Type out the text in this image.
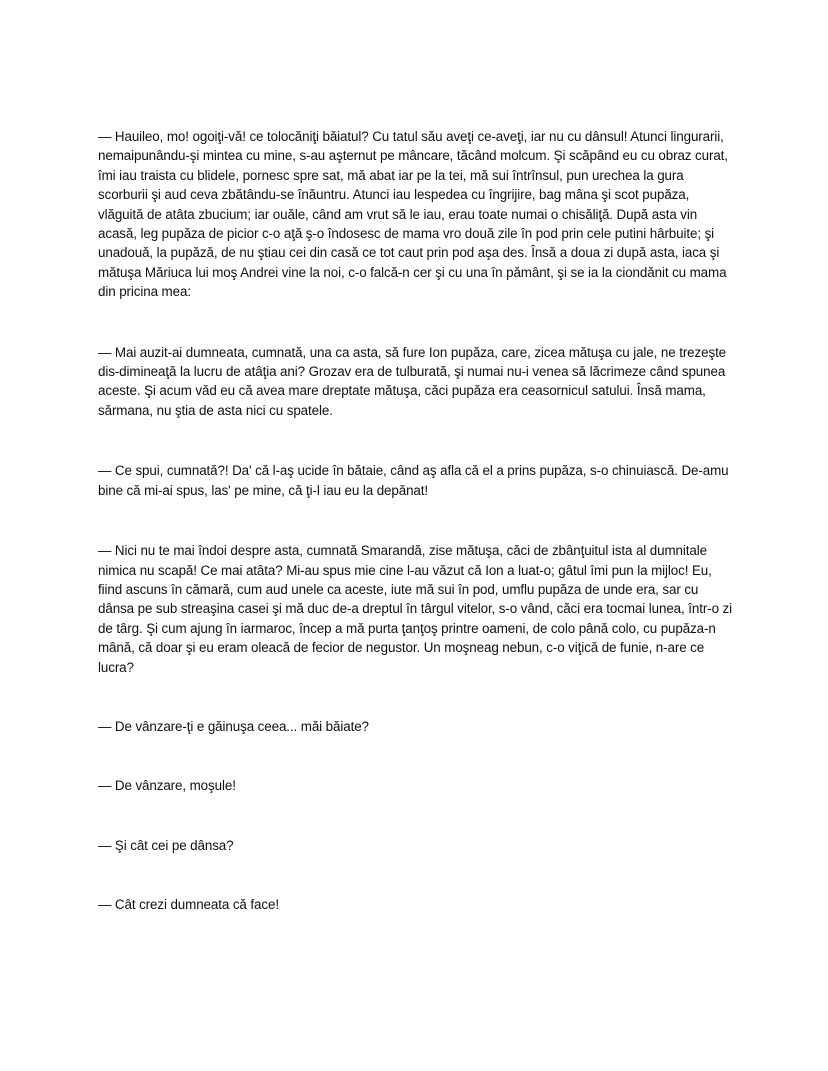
— Hauileo, mo! ogoiţi-vă! ce tolocăniţi băiatul? Cu tatul său aveţi ce-aveţi, iar nu cu dânsul! Atunci lingurarii, nemaipunându-şi mintea cu mine, s-au aşternut pe mâncare, tăcând molcum. Şi scăpând eu cu obraz curat, îmi iau traista cu blidele, pornesc spre sat, mă abat iar pe la tei, mă sui întrînsul, pun urechea la gura scorburii şi aud ceva zbătându-se înăuntru. Atunci iau lespedea cu îngrijire, bag mâna şi scot pupăza, vlăguită de atâta zbucium; iar ouăle, când am vrut să le iau, erau toate numai o chisăliţă. După asta vin acasă, leg pupăza de picior c-o aţă ş-o îndosesc de mama vro două zile în pod prin cele putini hârbuite; şi unadouă, la pupăză, de nu ştiau cei din casă ce tot caut prin pod aşa des. Însă a doua zi după asta, iaca şi mătuşa Măriuca lui moş Andrei vine la noi, c-o falcă-n cer şi cu una în pământ, şi se ia la ciondănit cu mama din pricina mea:

— Mai auzit-ai dumneata, cumnată, una ca asta, să fure Ion pupăza, care, zicea mătuşa cu jale, ne trezeşte dis-dimineaţă la lucru de atâţia ani? Grozav era de tulburată, şi numai nu-i venea să lăcrimeze când spunea aceste. Şi acum văd eu că avea mare dreptate mătuşa, căci pupăza era ceasornicul satului. Însă mama, sărmana, nu ştia de asta nici cu spatele.

— Ce spui, cumnată?! Da' că l-aş ucide în bătaie, când aş afla că el a prins pupăza, s-o chinuiască. De-amu bine că mi-ai spus, las' pe mine, că ţi-l iau eu la depănat!

— Nici nu te mai îndoi despre asta, cumnată Smarandă, zise mătuşa, căci de zbânţuitul ista al dumnitale nimica nu scapă! Ce mai atâta? Mi-au spus mie cine l-au văzut că Ion a luat-o; gâtul îmi pun la mijloc! Eu, fiind ascuns în cămară, cum aud unele ca aceste, iute mă sui în pod, umflu pupăza de unde era, sar cu dânsa pe sub streaşina casei şi mă duc de-a dreptul în târgul vitelor, s-o vând, căci era tocmai lunea, într-o zi de târg. Şi cum ajung în iarmaroc, încep a mă purta ţanţoş printre oameni, de colo până colo, cu pupăza-n mână, că doar şi eu eram oleacă de fecior de negustor. Un moşneag nebun, c-o viţică de funie, n-are ce lucra?

— De vânzare-ţi e găinuşa ceea... măi băiate?

— De vânzare, moşule!

— Şi cât cei pe dânsa?

— Cât crezi dumneata că face!
